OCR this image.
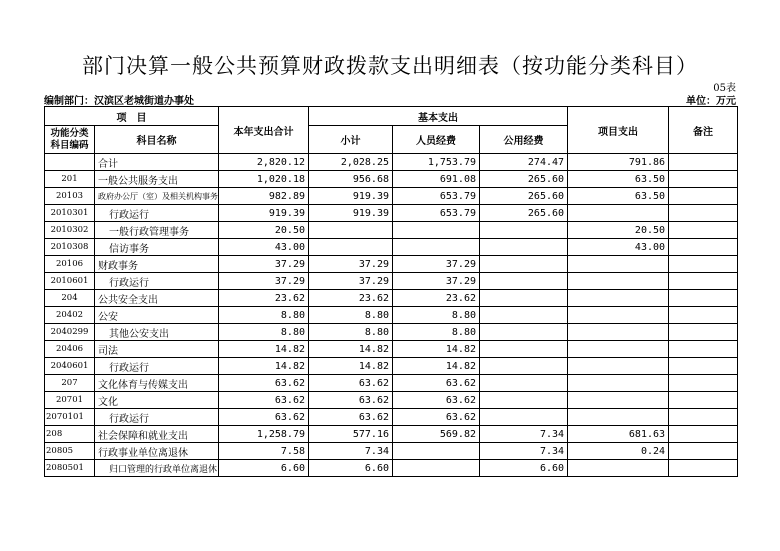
部门决算一般公共预算财政拨款支出明细表（按功能分类科目）
05表
编制部门：汉滨区老城街道办事处	单位：万元
项　目		本年支出合计	基本支出			项目支出	备注
功能分类科目编码	科目名称		小计	人员经费	公用经费		
	合计	2,820.12	2,028.25	1,753.79	274.47	791.86	
201	一般公共服务支出	1,020.18	956.68	691.08	265.60	63.50	
20103	政府办公厅（室）及相关机构事务	982.89	919.39	653.79	265.60	63.50	
2010301	行政运行	919.39	919.39	653.79	265.60		
2010302	一般行政管理事务	20.50				20.50	
2010308	信访事务	43.00				43.00	
20106	财政事务	37.29	37.29	37.29			
2010601	行政运行	37.29	37.29	37.29			
204	公共安全支出	23.62	23.62	23.62			
20402	公安	8.80	8.80	8.80			
2040299	其他公安支出	8.80	8.80	8.80			
20406	司法	14.82	14.82	14.82			
2040601	行政运行	14.82	14.82	14.82			
207	文化体育与传媒支出	63.62	63.62	63.62			
20701	文化	63.62	63.62	63.62			
2070101	行政运行	63.62	63.62	63.62			
208	社会保障和就业支出	1,258.79	577.16	569.82	7.34	681.63	
20805	行政事业单位离退休	7.58	7.34		7.34	0.24	
2080501	归口管理的行政单位离退休	6.60	6.60		6.60		
